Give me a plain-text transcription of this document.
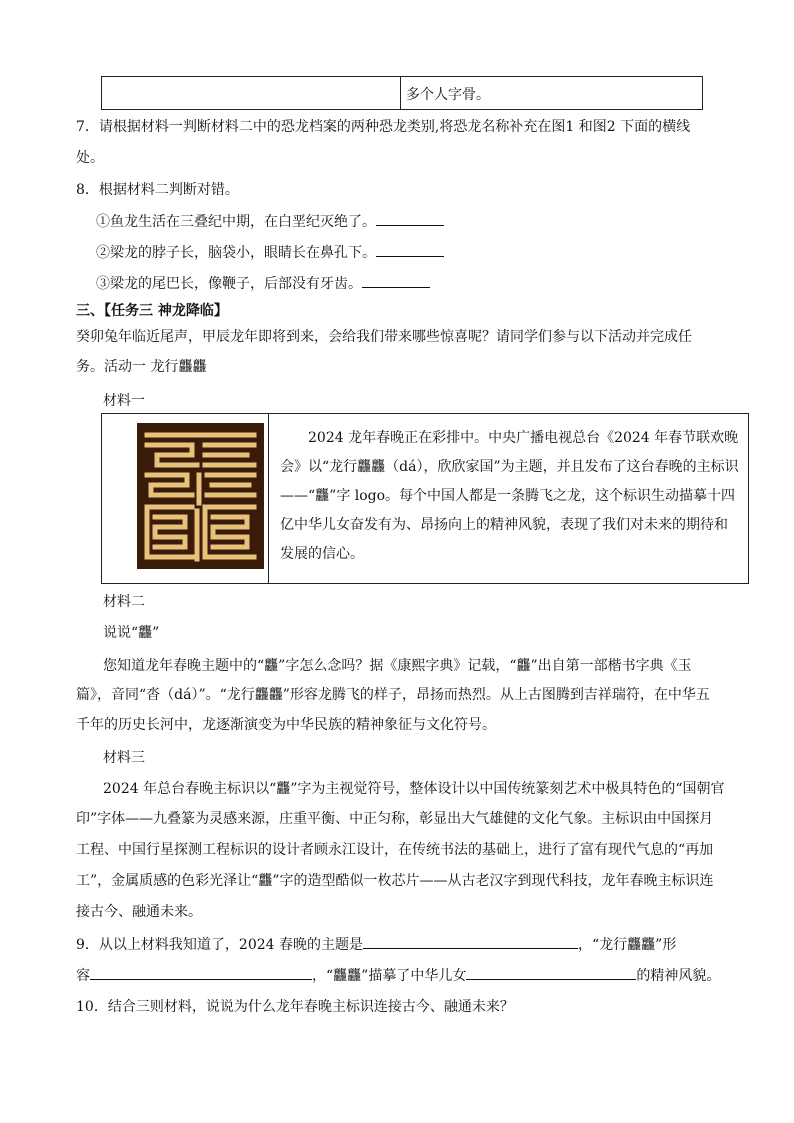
多个人字骨。
7．请根据材料一判断材料二中的恐龙档案的两种恐龙类别,将恐龙名称补充在图1 和图2 下面的横线
处。
8．根据材料二判断对错。
①鱼龙生活在三叠纪中期，在白垩纪灭绝了。
②梁龙的脖子长，脑袋小，眼睛长在鼻孔下。
③梁龙的尾巴长，像鞭子，后部没有牙齿。
三、【任务三 神龙降临】
癸卯兔年临近尾声，甲辰龙年即将到来，会给我们带来哪些惊喜呢？请同学们参与以下活动并完成任
务。活动一 龙行龘龘
材料一
2024 龙年春晚正在彩排中。中央广播电视总台《2024 年春节联欢晚会》以“龙行龘龘（dá），欣欣家国”为主题，并且发布了这台春晚的主标识——“龘”字 logo。每个中国人都是一条腾飞之龙，这个标识生动描摹十四亿中华儿女奋发有为、昂扬向上的精神风貌，表现了我们对未来的期待和发展的信心。
材料二
说说“龘”
您知道龙年春晚主题中的“龘”字怎么念吗？据《康熙字典》记载，“龘”出自第一部楷书字典《玉
篇》，音同“沓（dá）”。“龙行龘龘”形容龙腾飞的样子，昂扬而热烈。从上古图腾到吉祥瑞符，在中华五
千年的历史长河中，龙逐渐演变为中华民族的精神象征与文化符号。
材料三
2024 年总台春晚主标识以“龘”字为主视觉符号，整体设计以中国传统篆刻艺术中极具特色的“国朝官
印”字体——九叠篆为灵感来源，庄重平衡、中正匀称，彰显出大气雄健的文化气象。主标识由中国探月
工程、中国行星探测工程标识的设计者顾永江设计，在传统书法的基础上，进行了富有现代气息的“再加
工”，金属质感的色彩光泽让“龘”字的造型酷似一枚芯片——从古老汉字到现代科技，龙年春晚主标识连
接古今、融通未来。
9．从以上材料我知道了，2024 春晚的主题是	，“龙行龘龘”形
容	，“龘龘”描摹了中华儿女	的精神风貌。
10．结合三则材料，说说为什么龙年春晚主标识连接古今、融通未来？
